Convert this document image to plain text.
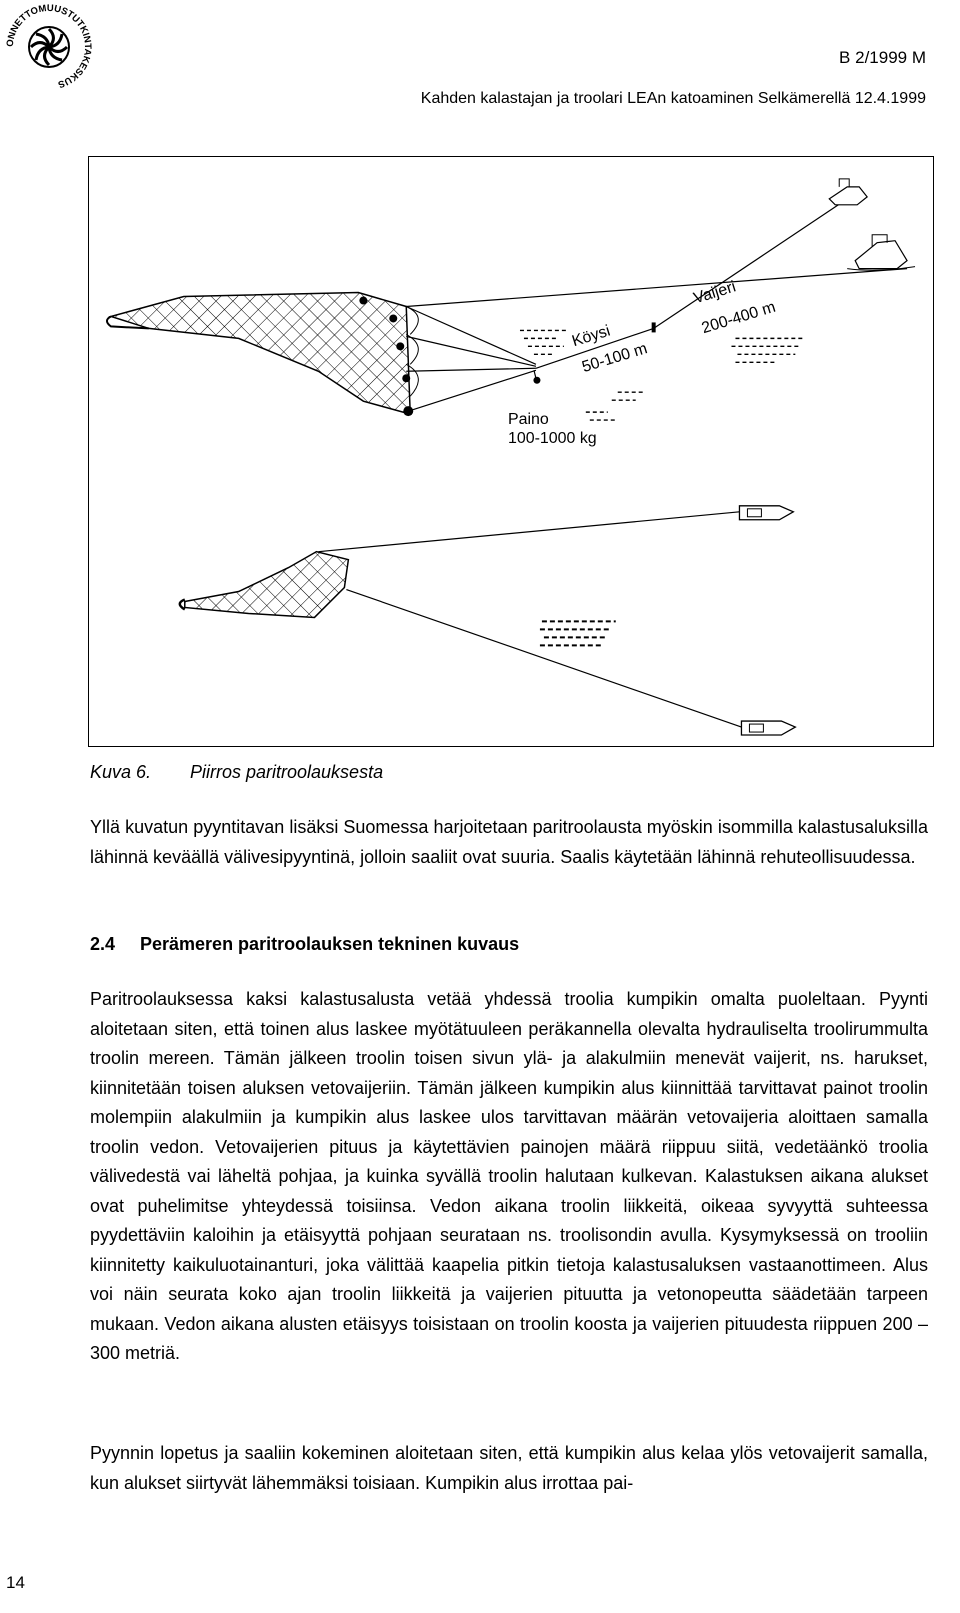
ONNETTOMUUSTUTKINTAKESKUS
B 2/1999 M
Kahden kalastajan ja troolari LEAn katoaminen Selkämerellä 12.4.1999
Vaijeri
200-400 m
Köysi
50-100 m
Paino
100-1000 kg
Kuva 6. Piirros paritroolauksesta

Yllä kuvatun pyyntitavan lisäksi Suomessa harjoitetaan paritroolausta myöskin isommilla kalastusaluksilla lähinnä keväällä välivesipyyntinä, jolloin saaliit ovat suuria. Saalis käytetään lähinnä rehuteollisuudessa.

2.4 Perämeren paritroolauksen tekninen kuvaus

Paritroolauksessa kaksi kalastusalusta vetää yhdessä troolia kumpikin omalta puoleltaan. Pyynti aloitetaan siten, että toinen alus laskee myötätuuleen peräkannella olevalta hydrauliselta troolirummulta troolin mereen. Tämän jälkeen troolin toisen sivun ylä- ja alakulmiin menevät vaijerit, ns. harukset, kiinnitetään toisen aluksen vetovaijeriin. Tämän jälkeen kumpikin alus kiinnittää tarvittavat painot troolin molempiin alakulmiin ja kumpikin alus laskee ulos tarvittavan määrän vetovaijeria aloittaen samalla troolin vedon. Vetovaijerien pituus ja käytettävien painojen määrä riippuu siitä, vedetäänkö troolia välivedestä vai läheltä pohjaa, ja kuinka syvällä troolin halutaan kulkevan. Kalastuksen aikana alukset ovat puhelimitse yhteydessä toisiinsa. Vedon aikana troolin liikkeitä, oikeaa syvyyttä suhteessa pyydettäviin kaloihin ja etäisyyttä pohjaan seurataan ns. troolisondin avulla. Kysymyksessä on trooliin kiinnitetty kaikuluotainanturi, joka välittää kaapelia pitkin tietoja kalastusaluksen vastaanottimeen. Alus voi näin seurata koko ajan troolin liikkeitä ja vaijerien pituutta ja vetonopeutta säädetään tarpeen mukaan. Vedon aikana alusten etäisyys toisistaan on troolin koosta ja vaijerien pituudesta riippuen 200 – 300 metriä.

Pyynnin lopetus ja saaliin kokeminen aloitetaan siten, että kumpikin alus kelaa ylös vetovaijerit samalla, kun alukset siirtyvät lähemmäksi toisiaan. Kumpikin alus irrottaa pai-

14
